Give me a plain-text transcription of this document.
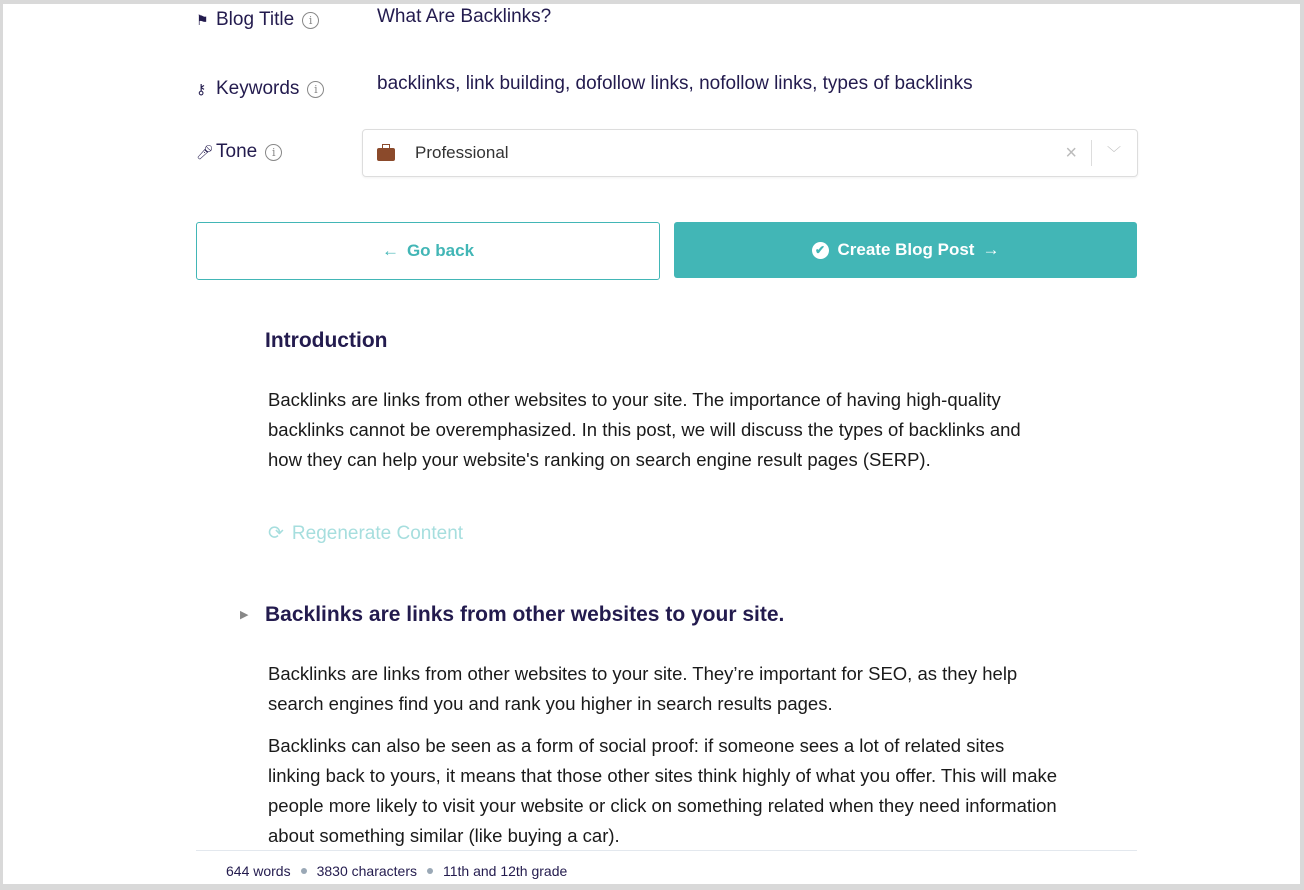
⚑ Blog Title	i	What Are Backlinks?
⚷ Keywords	i	backlinks, link building, dofollow links, nofollow links, types of backlinks
🎤︎ Tone	i	Professional	× ﹀
← Go back	✔ Create Blog Post →
Introduction

Backlinks are links from other websites to your site. The importance of having high-quality backlinks cannot be overemphasized. In this post, we will discuss the types of backlinks and how they can help your website's ranking on search engine result pages (SERP).

⟳ Regenerate Content
▶ Backlinks are links from other websites to your site.

Backlinks are links from other websites to your site. They’re important for SEO, as they help search engines find you and rank you higher in search results pages.

Backlinks can also be seen as a form of social proof: if someone sees a lot of related sites linking back to yours, it means that those other sites think highly of what you offer. This will make people more likely to visit your website or click on something related when they need information about something similar (like buying a car).

644 words 3830 characters 11th and 12th grade
